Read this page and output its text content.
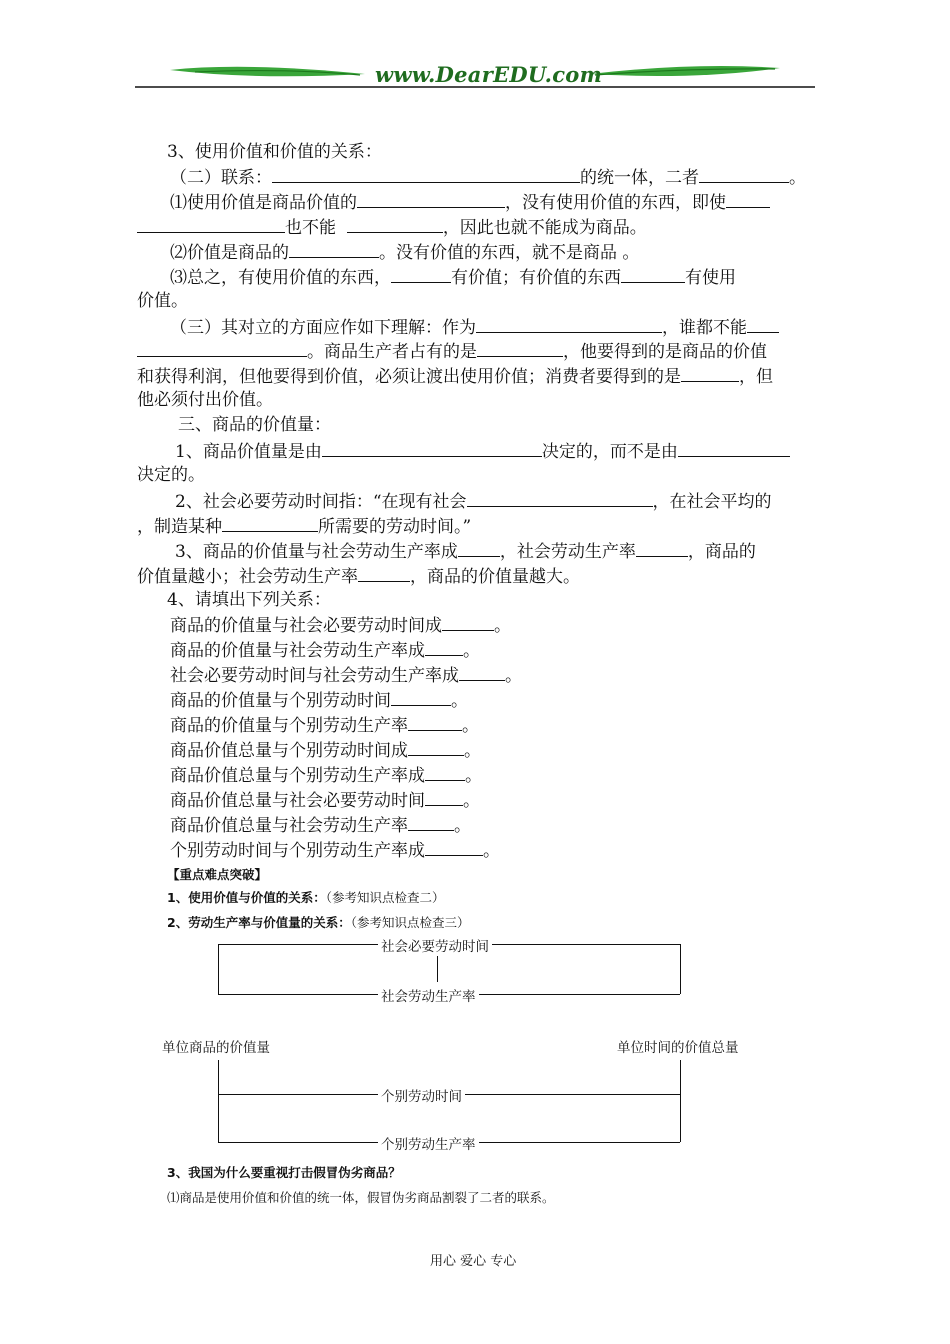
www.DearEDU.com
3、使用价值和价值的关系：
（二）联系：	的统一体，二者	。
⑴使用价值是商品价值的	，没有使用价值的东西，即使
也不能	，因此也就不能成为商品。
⑵价值是商品的	。没有价值的东西，就不是商品 。
⑶总之，有使用价值的东西，	有价值；有价值的东西	有使用
价值。
（三）其对立的方面应作如下理解：作为	，谁都不能
。商品生产者占有的是	，他要得到的是商品的价值
和获得利润，但他要得到价值，必须让渡出使用价值；消费者要得到的是	，但
他必须付出价值。
三、商品的价值量：
1、商品价值量是由	决定的，而不是由
决定的。
2、社会必要劳动时间指：“在现有社会	，在社会平均的
，制造某种	所需要的劳动时间。”
3、商品的价值量与社会劳动生产率成 ，社会劳动生产率	，商品的
价值量越小；社会劳动生产率	，商品的价值量越大。
4、请填出下列关系：
商品的价值量与社会必要劳动时间成	。
商品的价值量与社会劳动生产率成 。
社会必要劳动时间与社会劳动生产率成	。
商品的价值量与个别劳动时间	。
商品的价值量与个别劳动生产率	。
商品价值总量与个别劳动时间成	。
商品价值总量与个别劳动生产率成 。
商品价值总量与社会必要劳动时间 。
商品价值总量与社会劳动生产率	。
个别劳动时间与个别劳动生产率成	。
【重点难点突破】
1、使用价值与价值的关系：（参考知识点检查二）
2、劳动生产率与价值量的关系：（参考知识点检查三）
社会必要劳动时间
社会劳动生产率
单位商品的价值量	单位时间的价值总量
个别劳动时间
个别劳动生产率
3、我国为什么要重视打击假冒伪劣商品？
⑴商品是使用价值和价值的统一体，假冒伪劣商品割裂了二者的联系。
用心 爱心 专心
